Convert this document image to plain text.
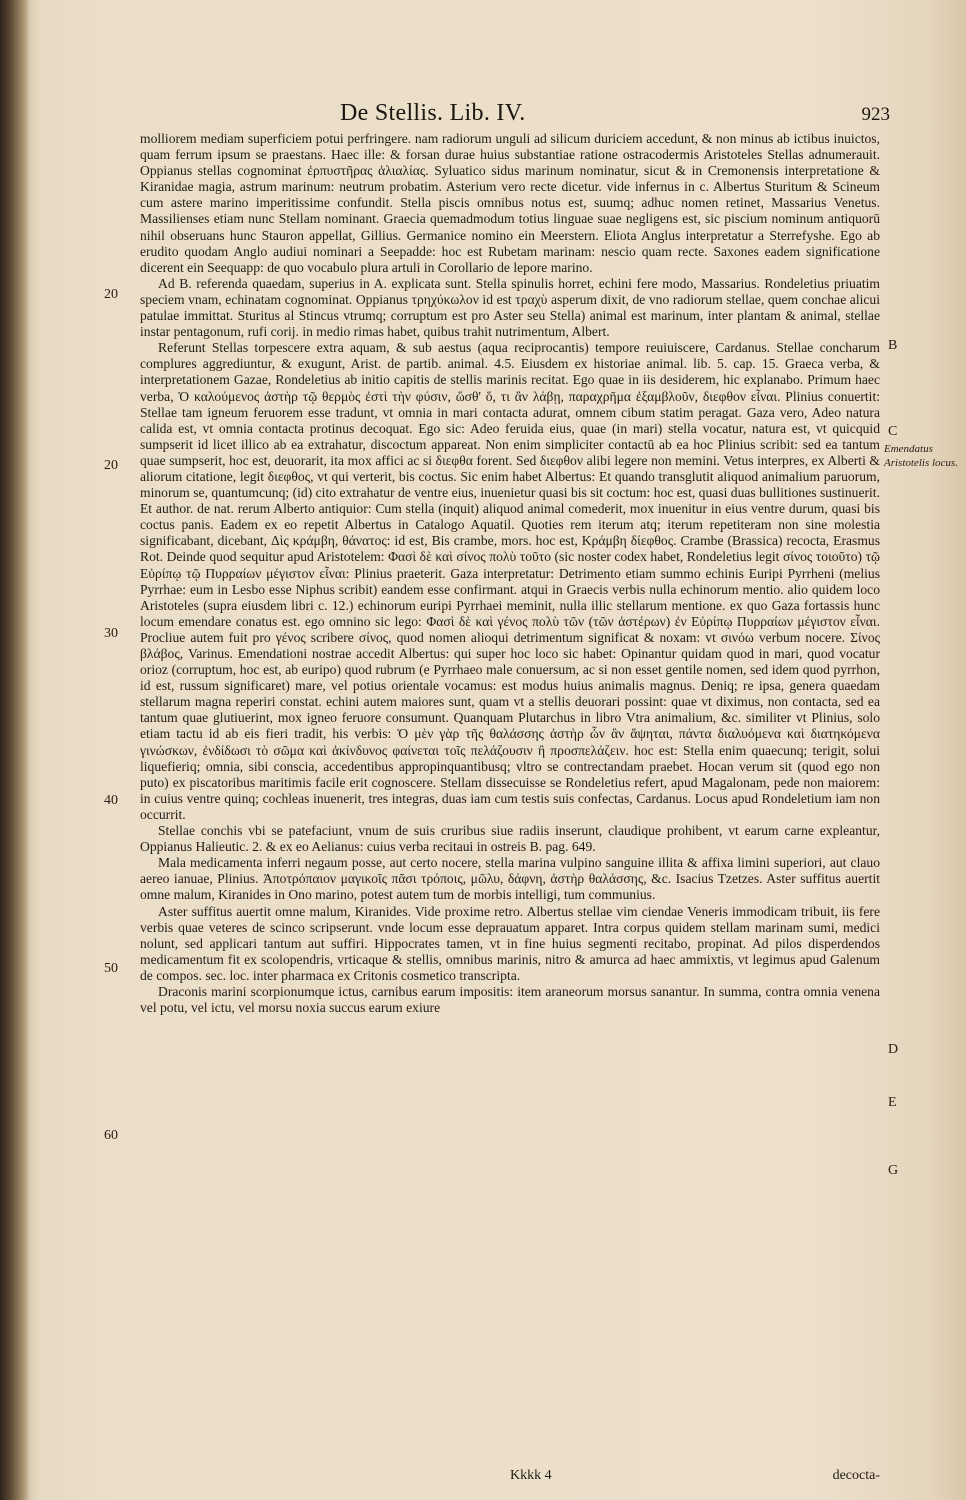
De Stellis. Lib. IV.	923

molliorem mediam superficiem potui perfringere. nam radiorum unguli ad silicum duriciem accedunt, & non minus ab ictibus inuictos, quam ferrum ipsum se praestans. Haec ille: & forsan durae huius substantiae ratione ostracodermis Aristoteles Stellas adnumerauit. Oppianus stellas cognominat ἐρπυστῆρας ἁλιαλίας. Syluatico sidus marinum nominatur, sicut & in Cremonensis interpretatione & Kiranidae magia, astrum marinum: neutrum probatim. Asterium vero recte dicetur. vide infernus in c. Albertus Sturitum & Scineum cum astere marino imperitissime confundit. Stella piscis omnibus notus est, suumq; adhuc nomen retinet, Massarius Venetus. Massilienses etiam nunc Stellam nominant. Graecia quemadmodum totius linguae suae negligens est, sic piscium nominum antiquorū nihil obseruans hunc Stauron appellat, Gillius. Germanice nomino ein Meerstern. Eliota Anglus interpretatur a Sterrefyshe. Ego ab erudito quodam Anglo audiui nominari a Seepadde: hoc est Rubetam marinam: nescio quam recte. Saxones eadem significatione dicerent ein Seequapp: de quo vocabulo plura artuli in Corollario de lepore marino.

Ad B. referenda quaedam, superius in A. explicata sunt. Stella spinulis horret, echini fere modo, Massarius. Rondeletius priuatim speciem vnam, echinatam cognominat. Oppianus τρηχύκωλον id est τραχὺ asperum dixit, de vno radiorum stellae, quem conchae alicui patulae immittat. Sturitus al Stincus vtrumq; corruptum est pro Aster seu Stella) animal est marinum, inter plantam & animal, stellae instar pentagonum, rufi corij. in medio rimas habet, quibus trahit nutrimentum, Albert.

Referunt Stellas torpescere extra aquam, & sub aestus (aqua reciprocantis) tempore reuiuiscere, Cardanus. Stellae concharum complures aggrediuntur, & exugunt, Arist. de partib. animal. 4.5. Eiusdem ex historiae animal. lib. 5. cap. 15. Graeca verba, & interpretationem Gazae, Rondeletius ab initio capitis de stellis marinis recitat. Ego quae in iis desiderem, hic explanabo. Primum haec verba, Ὁ καλούμενος ἀστὴρ τῷ θερμὸς ἐστὶ τὴν φύσιν, ὥσθ' ὅ, τι ἂν λάβῃ, παραχρῆμα ἐξαμβλοῦν, διεφθον εἶναι. Plinius conuertit: Stellae tam igneum feruorem esse tradunt, vt omnia in mari contacta adurat, omnem cibum statim peragat. Gaza vero, Adeo natura calida est, vt omnia contacta protinus decoquat. Ego sic: Adeo feruida eius, quae (in mari) stella vocatur, natura est, vt quicquid sumpserit id licet illico ab ea extrahatur, discoctum appareat. Non enim simpliciter contactū ab ea hoc Plinius scribit: sed ea tantum quae sumpserit, hoc est, deuorarit, ita mox affici ac si διεφθα forent. Sed διεφθον alibi legere non memini. Vetus interpres, ex Alberti & aliorum citatione, legit διεφθος, vt qui verterit, bis coctus. Sic enim habet Albertus: Et quando transglutit aliquod animalium paruorum, minorum se, quantumcunq; (id) cito extrahatur de ventre eius, inuenietur quasi bis sit coctum: hoc est, quasi duas bullitiones sustinuerit. Et author. de nat. rerum Alberto antiquior: Cum stella (inquit) aliquod animal comederit, mox inuenitur in eius ventre durum, quasi bis coctus panis. Eadem ex eo repetit Albertus in Catalogo Aquatil. Quoties rem iterum atq; iterum repetiteram non sine molestia significabant, dicebant, Δὶς κράμβη, θάνατος: id est, Bis crambe, mors. hoc est, Κράμβη δίεφθος. Crambe (Brassica) recocta, Erasmus Rot. Deinde quod sequitur apud Aristotelem: Φασὶ δὲ καὶ σίνος πολὺ τοῦτο (sic noster codex habet, Rondeletius legit σίνος τοιοῦτο) τῷ Εὐρίπῳ τῷ Πυρραίων μέγιστον εἶναι: Plinius praeterit. Gaza interpretatur: Detrimento etiam summo echinis Euripi Pyrrhenі (melius Pyrrhae: eum in Lesbo esse Niphus scribit) eandem esse confirmant. atqui in Graecis verbis nulla echinorum mentio. alio quidem loco Aristoteles (supra eiusdem libri c. 12.) echinorum euripi Pyrrhaei meminit, nulla illic stellarum mentione. ex quo Gaza fortassis hunc locum emendare conatus est. ego omnino sic lego: Φασὶ δὲ καὶ γένος πολὺ τῶν (τῶν ἀστέρων) ἐν Εὐρίπῳ Πυρραίων μέγιστον εἶναι. Procliue autem fuit pro γένος scribere σίνος, quod nomen alioqui detrimentum significat & noxam: vt σινόω verbum nocere. Σίνος βλάβος, Varinus. Emendationi nostrae accedit Albertus: qui super hoc loco sic habet: Opinantur quidam quod in mari, quod vocatur orioz (corruptum, hoc est, ab euripo) quod rubrum (e Pyrrhaeo male conuersum, ac si non esset gentile nomen, sed idem quod pyrrhon, id est, russum significaret) mare, vel potius orientale vocamus: est modus huius animalis magnus. Deniq; re ipsa, genera quaedam stellarum magna reperiri constat. echini autem maiores sunt, quam vt a stellis deuorari possint: quae vt diximus, non contacta, sed ea tantum quae glutiuerint, mox igneo feruore consumunt. Quanquam Plutarchus in libro Vtra animalium, &c. similiter vt Plinius, solo etiam tactu id ab eis fieri tradit, his verbis: Ὁ μὲν γὰρ τῆς θαλάσσης ἀστὴρ ὧν ἂν ἅψηται, πάντα διαλυόμενα καὶ διατηκόμενα γινώσκων, ἐνδίδωσι τὸ σῶμα καὶ ἀκίνδυνος φαίνεται τοῖς πελάζουσιν ἢ προσπελάζειν. hoc est: Stella enim quaecunq; terigit, solui liquefieriq; omnia, sibi conscia, accedentibus appropinquantibusq; vltro se contrectandam praebet. Hocan verum sit (quod ego non puto) ex piscatoribus maritimis facile erit cognoscere. Stellam dissecuisse se Rondeletius refert, apud Magalonam, pede non maiorem: in cuius ventre quinq; cochleas inuenerit, tres integras, duas iam cum testis suis confectas, Cardanus. Locus apud Rondeletium iam non occurrit.

Stellae conchis vbi se patefaciunt, vnum de suis cruribus siue radiis inserunt, claudique prohibent, vt earum carne expleantur, Oppianus Halieutic. 2. & ex eo Aelianus: cuius verba recitaui in ostreis B. pag. 649.

Mala medicamenta inferri negaum posse, aut certo nocere, stella marina vulpino sanguine illita & affixa limini superiori, aut clauo aereo ianuae, Plinius. Ἀποτρόπαιον μαγικοῖς πᾶσι τρόποις, μῶλυ, δάφνη, ἀστὴρ θαλάσσης, &c. Isacius Tzetzes. Aster suffitus auertit omne malum, Kiranides in Ono marino, potest autem tum de morbis intelligi, tum communius.

Aster suffitus auertit omne malum, Kiranides. Vide proxime retro. Albertus stellae vim ciendae Veneris immodicam tribuit, iis fere verbis quae veteres de scinco scripserunt. vnde locum esse deprauatum apparet. Intra corpus quidem stellam marinam sumi, medici nolunt, sed applicari tantum aut suffiri. Hippocrates tamen, vt in fine huius segmenti recitabo, propinat. Ad pilos disperdendos medicamentum fit ex scolopendris, vrticaque & stellis, omnibus marinis, nitro & amurca ad haec ammixtis, vt legimus apud Galenum de compos. sec. loc. inter pharmaca ex Critonis cosmetico transcripta.

Draconis marini scorpionumque ictus, carnibus earum impositis: item araneorum morsus sanantur. In summa, contra omnia venena vel potu, vel ictu, vel morsu noxia succus earum exiure

20
20
30
40
50
60
B
C
Emendatus Aristotelis locus.
D
E
G
Kkkk 4	decocta-
